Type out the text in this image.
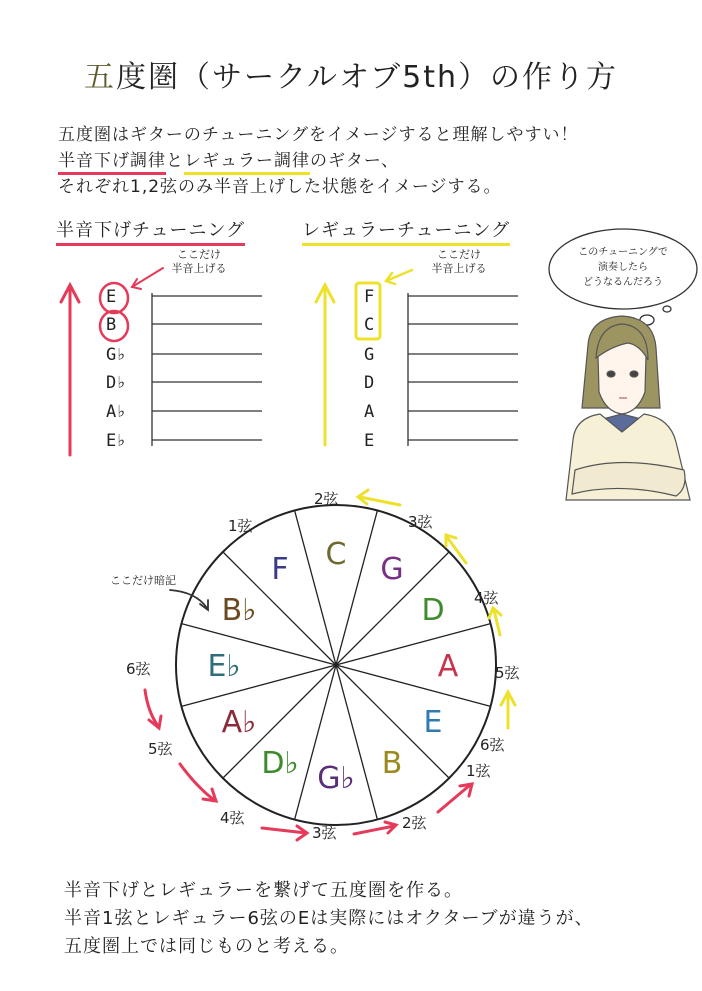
五度圏（サークルオブ5th）の作り方
五度圏はギターのチューニングをイメージすると理解しやすい！
半音下げ調律とレギュラー調律のギター、
それぞれ1,2弦のみ半音上げした状態をイメージする。
半音下げチューニング	レギュラーチューニング
ここだけ
半音上げる
ここだけ
半音上げる
E
B
G♭
D♭
A♭
E♭
F
C
G
D
A
E
このチューニングで
演奏したら
どうなるんだろう
C G
D
A
E
B
G♭
D♭
A♭
E♭
B♭
F
2弦
3弦
4弦
5弦
6弦
1弦
6弦
5弦
4弦
3弦
2弦
1弦
ここだけ暗記
半音下げとレギュラーを繋げて五度圏を作る。
半音1弦とレギュラー6弦のEは実際にはオクターブが違うが、
五度圏上では同じものと考える。
